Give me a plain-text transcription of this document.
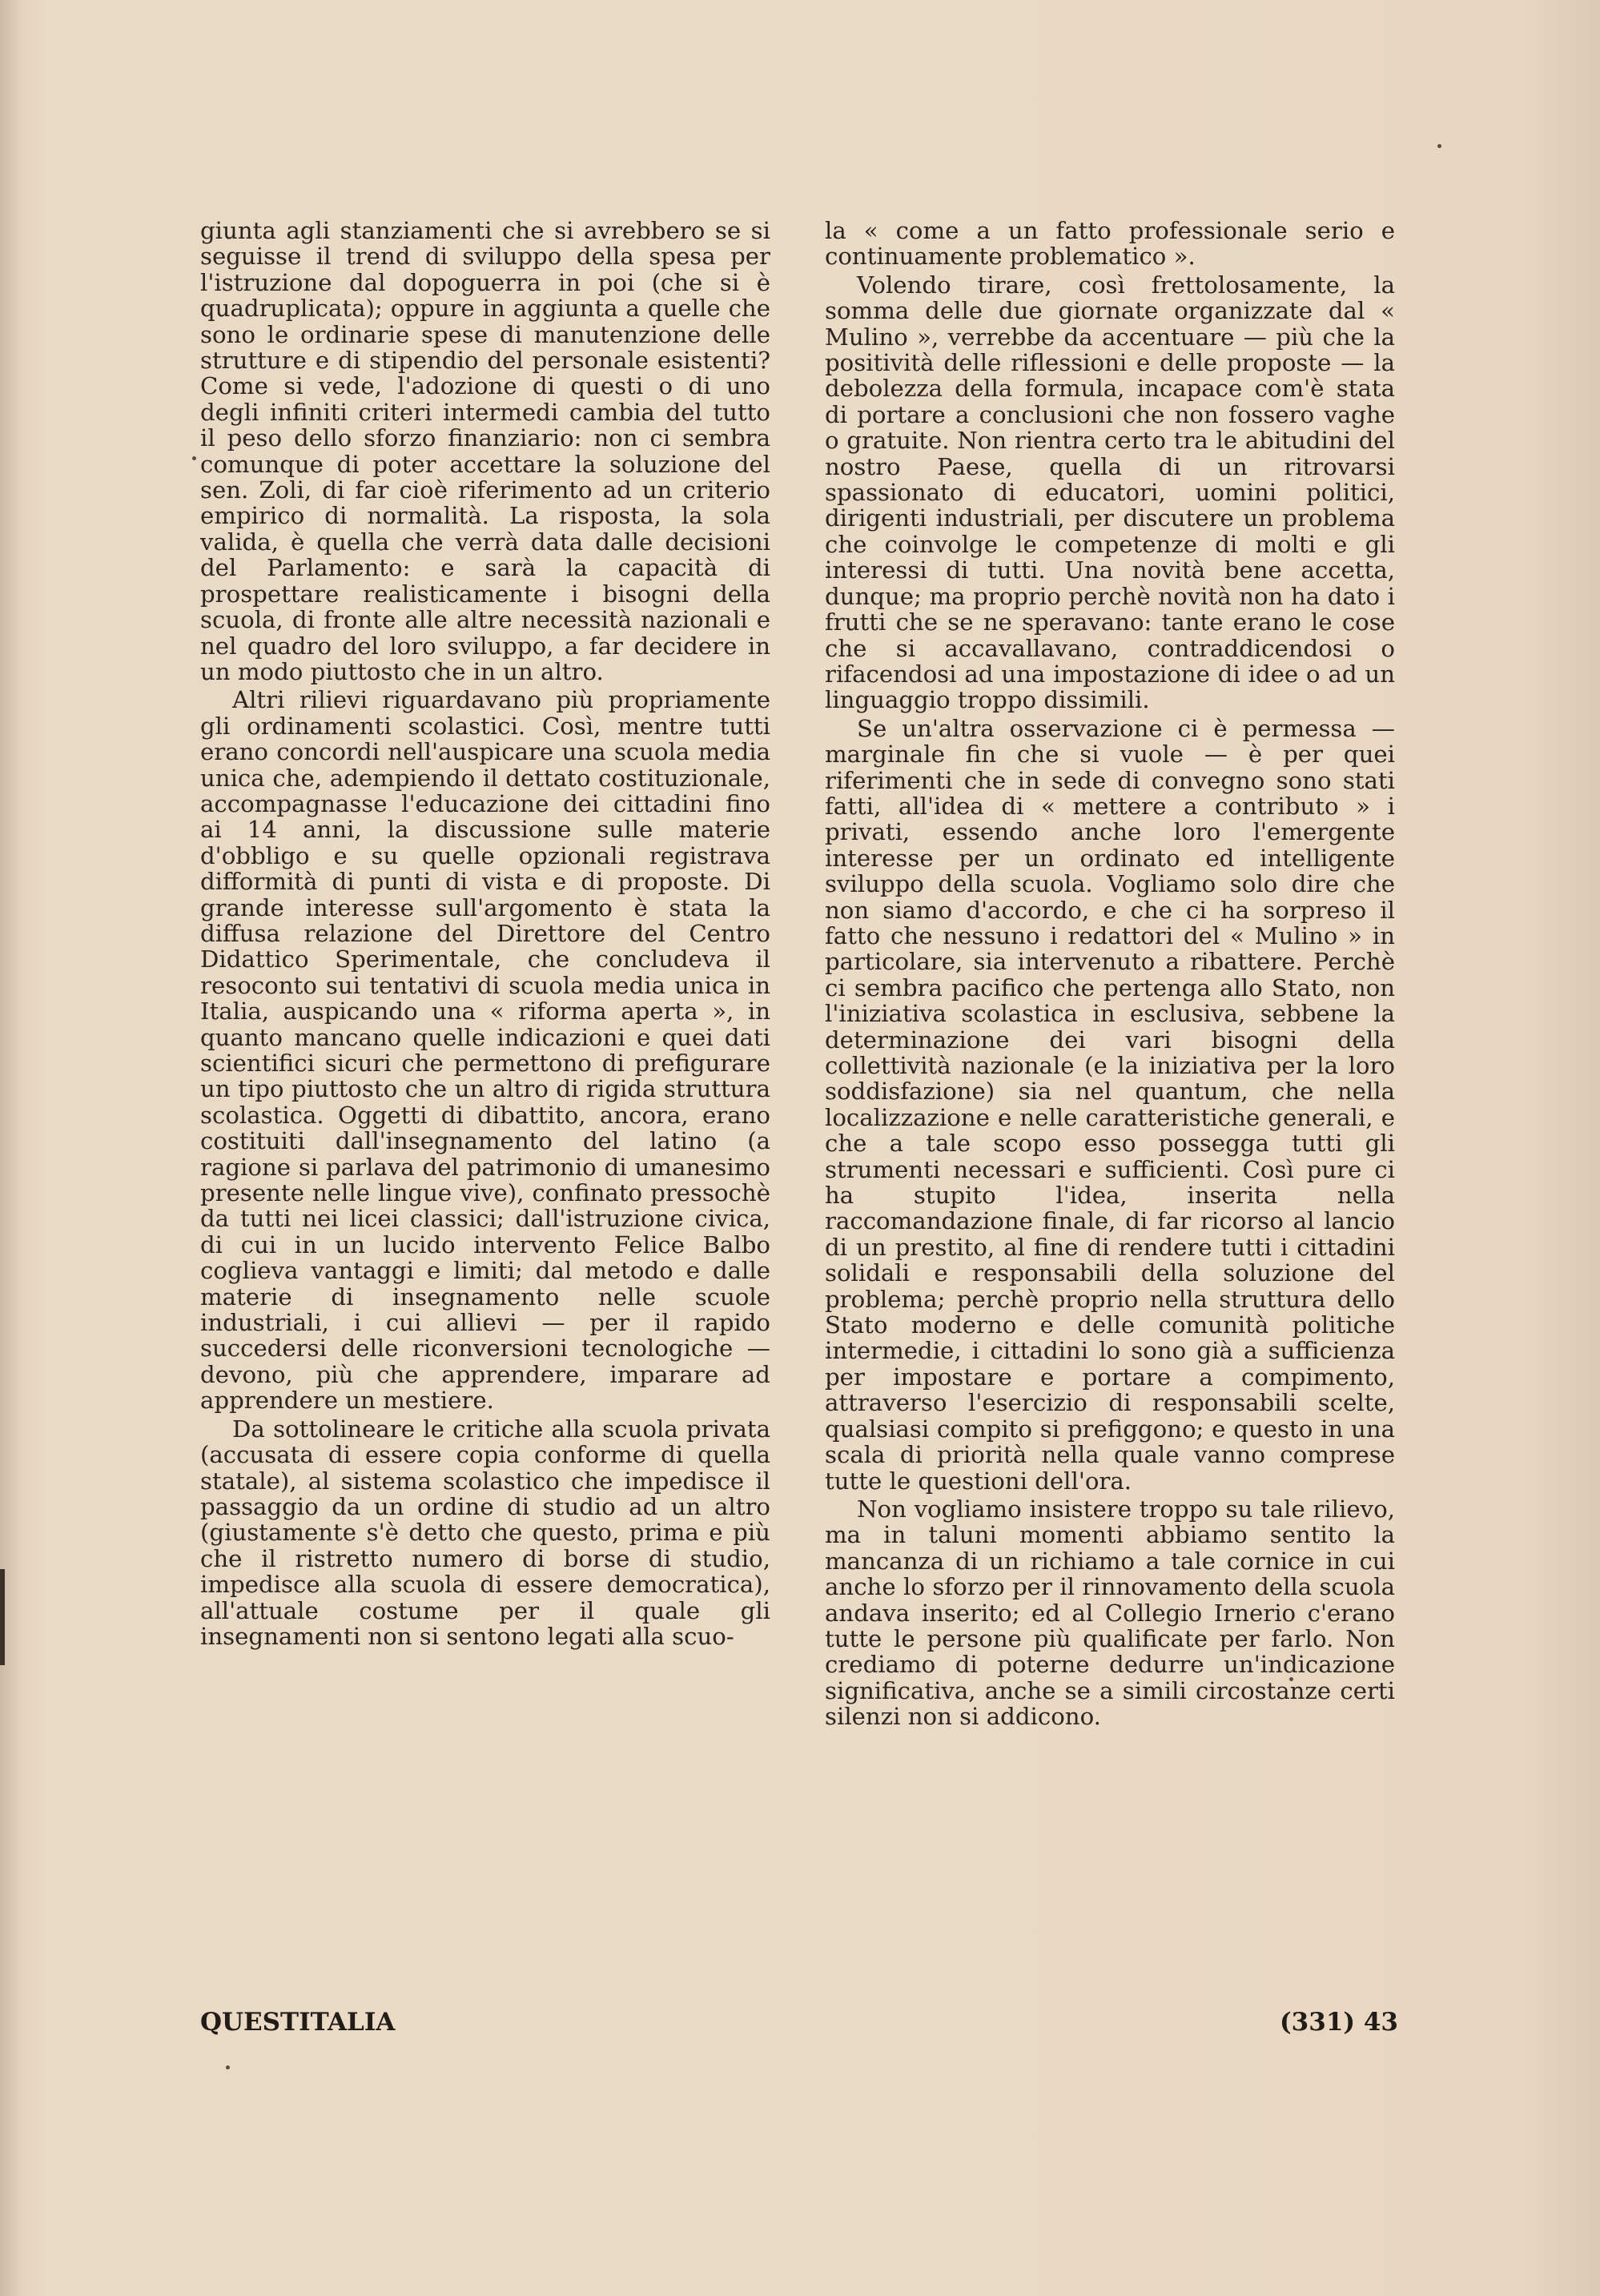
giunta agli stanziamenti che si avrebbero se si seguisse il trend di sviluppo della spesa per l'istruzione dal dopoguerra in poi (che si è quadruplicata); oppure in aggiunta a quelle che sono le ordinarie spese di manutenzione delle strutture e di stipendio del personale esistenti? Come si vede, l'adozione di questi o di uno degli infiniti criteri intermedi cambia del tutto il peso dello sforzo finanziario: non ci sembra comunque di poter accettare la soluzione del sen. Zoli, di far cioè riferimento ad un criterio empirico di normalità. La risposta, la sola valida, è quella che verrà data dalle decisioni del Parlamento: e sarà la capacità di prospettare realisticamente i bisogni della scuola, di fronte alle altre necessità nazionali e nel quadro del loro sviluppo, a far decidere in un modo piuttosto che in un altro.

Altri rilievi riguardavano più propriamente gli ordinamenti scolastici. Così, mentre tutti erano concordi nell'auspicare una scuola media unica che, adempiendo il dettato costituzionale, accompagnasse l'educazione dei cittadini fino ai 14 anni, la discussione sulle materie d'obbligo e su quelle opzionali registrava difformità di punti di vista e di proposte. Di grande interesse sull'argomento è stata la diffusa relazione del Direttore del Centro Didattico Sperimentale, che concludeva il resoconto sui tentativi di scuola media unica in Italia, auspicando una « riforma aperta », in quanto mancano quelle indicazioni e quei dati scientifici sicuri che permettono di prefigurare un tipo piuttosto che un altro di rigida struttura scolastica. Oggetti di dibattito, ancora, erano costituiti dall'insegnamento del latino (a ragione si parlava del patrimonio di umanesimo presente nelle lingue vive), confinato pressochè da tutti nei licei classici; dall'istruzione civica, di cui in un lucido intervento Felice Balbo coglieva vantaggi e limiti; dal metodo e dalle materie di insegnamento nelle scuole industriali, i cui allievi — per il rapido succedersi delle riconversioni tecnologiche — devono, più che apprendere, imparare ad apprendere un mestiere.

Da sottolineare le critiche alla scuola privata (accusata di essere copia conforme di quella statale), al sistema scolastico che impedisce il passaggio da un ordine di studio ad un altro (giustamente s'è detto che questo, prima e più che il ristretto numero di borse di studio, impedisce alla scuola di essere democratica), all'attuale costume per il quale gli insegnamenti non si sentono legati alla scuo-

la « come a un fatto professionale serio e continuamente problematico ».

Volendo tirare, così frettolosamente, la somma delle due giornate organizzate dal « Mulino », verrebbe da accentuare — più che la positività delle riflessioni e delle proposte — la debolezza della formula, incapace com'è stata di portare a conclusioni che non fossero vaghe o gratuite. Non rientra certo tra le abitudini del nostro Paese, quella di un ritrovarsi spassionato di educatori, uomini politici, dirigenti industriali, per discutere un problema che coinvolge le competenze di molti e gli interessi di tutti. Una novità bene accetta, dunque; ma proprio perchè novità non ha dato i frutti che se ne speravano: tante erano le cose che si accavallavano, contraddicendosi o rifacendosi ad una impostazione di idee o ad un linguaggio troppo dissimili.

Se un'altra osservazione ci è permessa — marginale fin che si vuole — è per quei riferimenti che in sede di convegno sono stati fatti, all'idea di « mettere a contributo » i privati, essendo anche loro l'emergente interesse per un ordinato ed intelligente sviluppo della scuola. Vogliamo solo dire che non siamo d'accordo, e che ci ha sorpreso il fatto che nessuno i redattori del « Mulino » in particolare, sia intervenuto a ribattere. Perchè ci sembra pacifico che pertenga allo Stato, non l'iniziativa scolastica in esclusiva, sebbene la determinazione dei vari bisogni della collettività nazionale (e la iniziativa per la loro soddisfazione) sia nel quantum, che nella localizzazione e nelle caratteristiche generali, e che a tale scopo esso possegga tutti gli strumenti necessari e sufficienti. Così pure ci ha stupito l'idea, inserita nella raccomandazione finale, di far ricorso al lancio di un prestito, al fine di rendere tutti i cittadini solidali e responsabili della soluzione del problema; perchè proprio nella struttura dello Stato moderno e delle comunità politiche intermedie, i cittadini lo sono già a sufficienza per impostare e portare a compimento, attraverso l'esercizio di responsabili scelte, qualsiasi compito si prefiggono; e questo in una scala di priorità nella quale vanno comprese tutte le questioni dell'ora.

Non vogliamo insistere troppo su tale rilievo, ma in taluni momenti abbiamo sentito la mancanza di un richiamo a tale cornice in cui anche lo sforzo per il rinnovamento della scuola andava inserito; ed al Collegio Irnerio c'erano tutte le persone più qualificate per farlo. Non crediamo di poterne dedurre un'indicazione significativa, anche se a simili circostanze certi silenzi non si addicono.

QUESTITALIA	(331) 43
